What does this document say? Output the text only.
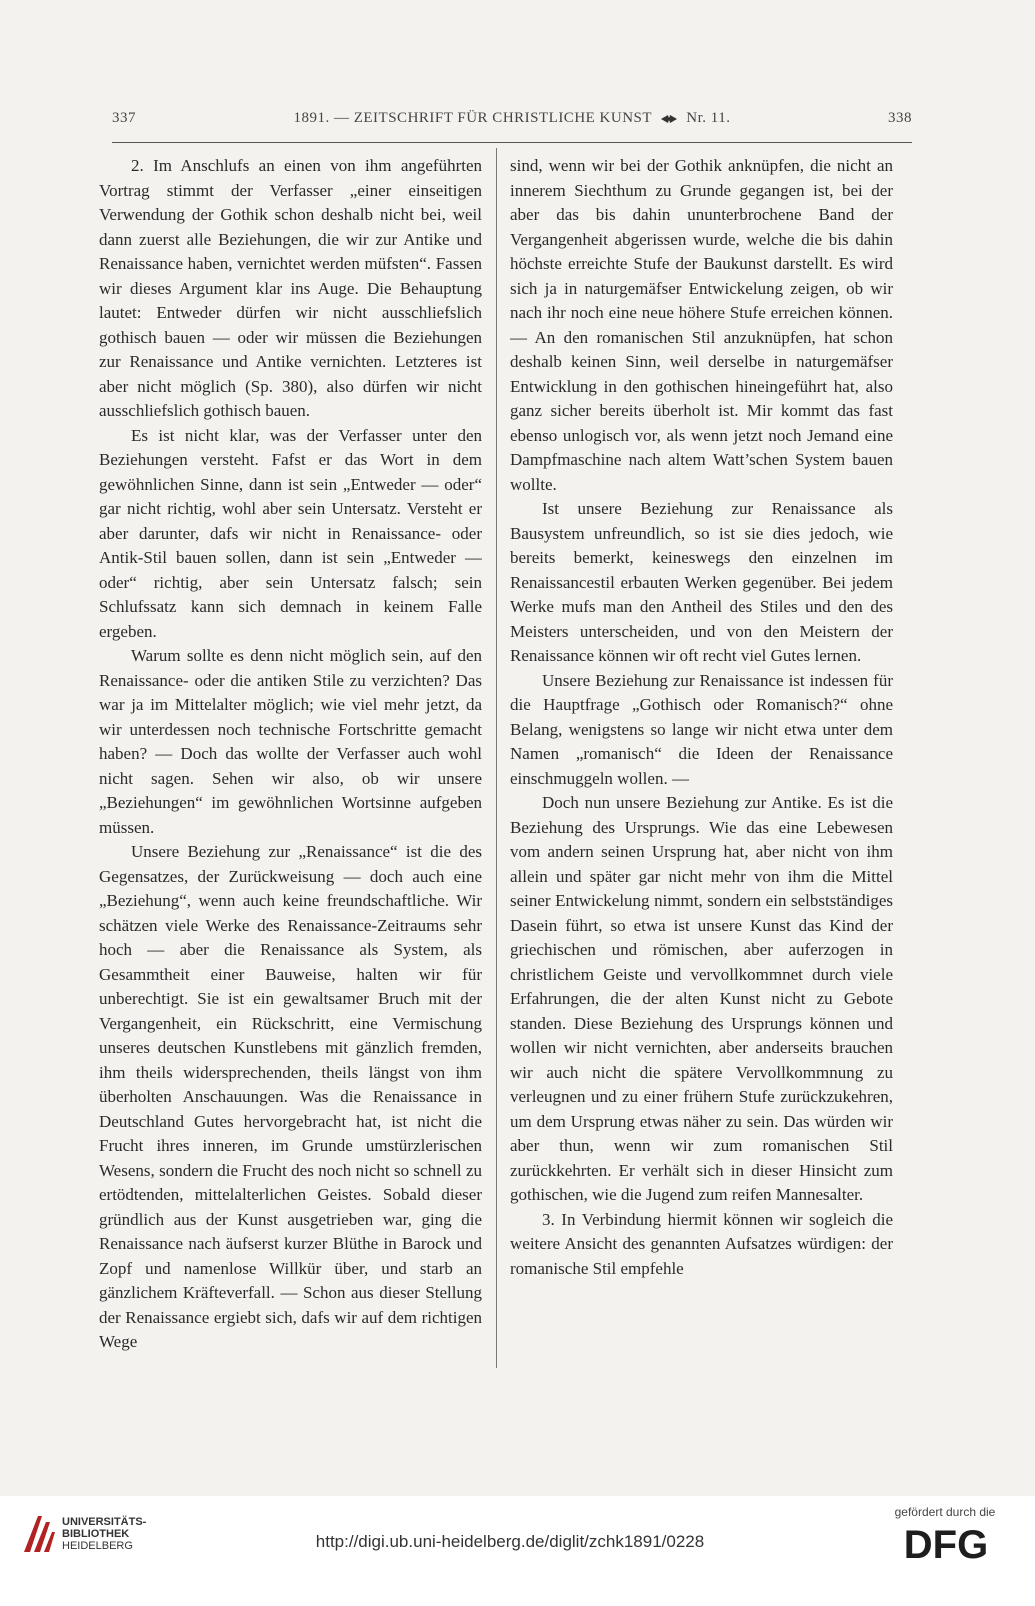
337	1891. — ZEITSCHRIFT FÜR CHRISTLICHE KUNST Nr. 11.	338

2. Im Anschlufs an einen von ihm angeführten Vortrag stimmt der Verfasser „einer einseitigen Verwendung der Gothik schon deshalb nicht bei, weil dann zuerst alle Beziehungen, die wir zur Antike und Renaissance haben, vernichtet werden müfsten“. Fassen wir dieses Argument klar ins Auge. Die Behauptung lautet: Entweder dürfen wir nicht ausschliefslich gothisch bauen — oder wir müssen die Beziehungen zur Renaissance und Antike vernichten. Letzteres ist aber nicht möglich (Sp. 380), also dürfen wir nicht ausschliefslich gothisch bauen.

Es ist nicht klar, was der Verfasser unter den Beziehungen versteht. Fafst er das Wort in dem gewöhnlichen Sinne, dann ist sein „Entweder — oder“ gar nicht richtig, wohl aber sein Untersatz. Versteht er aber darunter, dafs wir nicht in Renaissance- oder Antik-Stil bauen sollen, dann ist sein „Entweder — oder“ richtig, aber sein Untersatz falsch; sein Schlufssatz kann sich demnach in keinem Falle ergeben.

Warum sollte es denn nicht möglich sein, auf den Renaissance- oder die antiken Stile zu verzichten? Das war ja im Mittelalter möglich; wie viel mehr jetzt, da wir unterdessen noch technische Fortschritte gemacht haben? — Doch das wollte der Verfasser auch wohl nicht sagen. Sehen wir also, ob wir unsere „Beziehungen“ im gewöhnlichen Wortsinne aufgeben müssen.

Unsere Beziehung zur „Renaissance“ ist die des Gegensatzes, der Zurückweisung — doch auch eine „Beziehung“, wenn auch keine freundschaftliche. Wir schätzen viele Werke des Renaissance-Zeitraums sehr hoch — aber die Renaissance als System, als Gesammtheit einer Bauweise, halten wir für unberechtigt. Sie ist ein gewaltsamer Bruch mit der Vergangenheit, ein Rückschritt, eine Vermischung unseres deutschen Kunstlebens mit gänzlich fremden, ihm theils widersprechenden, theils längst von ihm überholten Anschauungen. Was die Renaissance in Deutschland Gutes hervorgebracht hat, ist nicht die Frucht ihres inneren, im Grunde umstürzlerischen Wesens, sondern die Frucht des noch nicht so schnell zu ertödtenden, mittelalterlichen Geistes. Sobald dieser gründlich aus der Kunst ausgetrieben war, ging die Renaissance nach äufserst kurzer Blüthe in Barock und Zopf und namenlose Willkür über, und starb an gänzlichem Kräfteverfall. — Schon aus dieser Stellung der Renaissance ergiebt sich, dafs wir auf dem richtigen Wege

sind, wenn wir bei der Gothik anknüpfen, die nicht an innerem Siechthum zu Grunde gegangen ist, bei der aber das bis dahin ununterbrochene Band der Vergangenheit abgerissen wurde, welche die bis dahin höchste erreichte Stufe der Baukunst darstellt. Es wird sich ja in naturgemäfser Entwickelung zeigen, ob wir nach ihr noch eine neue höhere Stufe erreichen können. — An den romanischen Stil anzuknüpfen, hat schon deshalb keinen Sinn, weil derselbe in naturgemäfser Entwicklung in den gothischen hineingeführt hat, also ganz sicher bereits überholt ist. Mir kommt das fast ebenso unlogisch vor, als wenn jetzt noch Jemand eine Dampfmaschine nach altem Watt’schen System bauen wollte.

Ist unsere Beziehung zur Renaissance als Bausystem unfreundlich, so ist sie dies jedoch, wie bereits bemerkt, keineswegs den einzelnen im Renaissancestil erbauten Werken gegenüber. Bei jedem Werke mufs man den Antheil des Stiles und den des Meisters unterscheiden, und von den Meistern der Renaissance können wir oft recht viel Gutes lernen.

Unsere Beziehung zur Renaissance ist indessen für die Hauptfrage „Gothisch oder Romanisch?“ ohne Belang, wenigstens so lange wir nicht etwa unter dem Namen „romanisch“ die Ideen der Renaissance einschmuggeln wollen. —

Doch nun unsere Beziehung zur Antike. Es ist die Beziehung des Ursprungs. Wie das eine Lebewesen vom andern seinen Ursprung hat, aber nicht von ihm allein und später gar nicht mehr von ihm die Mittel seiner Entwickelung nimmt, sondern ein selbstständiges Dasein führt, so etwa ist unsere Kunst das Kind der griechischen und römischen, aber auferzogen in christlichem Geiste und vervollkommnet durch viele Erfahrungen, die der alten Kunst nicht zu Gebote standen. Diese Beziehung des Ursprungs können und wollen wir nicht vernichten, aber anderseits brauchen wir auch nicht die spätere Vervollkommnung zu verleugnen und zu einer frühern Stufe zurückzukehren, um dem Ursprung etwas näher zu sein. Das würden wir aber thun, wenn wir zum romanischen Stil zurückkehrten. Er verhält sich in dieser Hinsicht zum gothischen, wie die Jugend zum reifen Mannesalter.

3. In Verbindung hiermit können wir sogleich die weitere Ansicht des genannten Aufsatzes würdigen: der romanische Stil empfehle

UNIVERSITÄTS-
BIBLIOTHEK
HEIDELBERG	http://digi.ub.uni-heidelberg.de/diglit/zchk1891/0228
gefördert durch die
DFG
